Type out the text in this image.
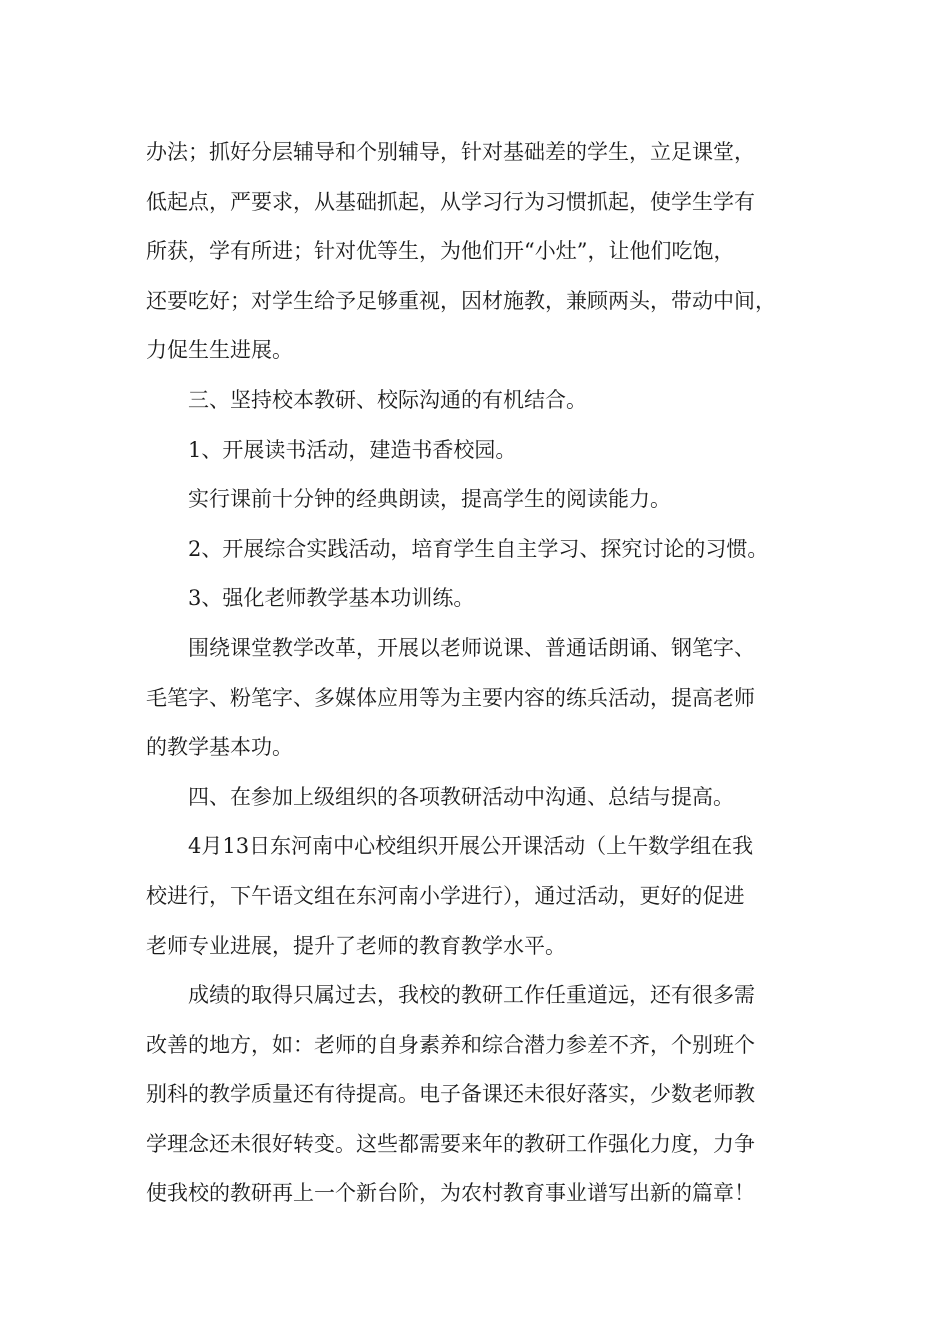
办法；抓好分层辅导和个别辅导，针对基础差的学生，立足课堂，

低起点，严要求，从基础抓起，从学习行为习惯抓起，使学生学有

所获，学有所进；针对优等生，为他们开“小灶”，让他们吃饱，

还要吃好；对学生给予足够重视，因材施教，兼顾两头，带动中间，

力促生生进展。

三、坚持校本教研、校际沟通的有机结合。

1、开展读书活动，建造书香校园。

实行课前十分钟的经典朗读，提高学生的阅读能力。

2、开展综合实践活动，培育学生自主学习、探究讨论的习惯。

3、强化老师教学基本功训练。

围绕课堂教学改革，开展以老师说课、普通话朗诵、钢笔字、

毛笔字、粉笔字、多媒体应用等为主要内容的练兵活动，提高老师

的教学基本功。

四、在参加上级组织的各项教研活动中沟通、总结与提高。

4月13日东河南中心校组织开展公开课活动（上午数学组在我

校进行，下午语文组在东河南小学进行），通过活动，更好的促进

老师专业进展，提升了老师的教育教学水平。

成绩的取得只属过去，我校的教研工作任重道远，还有很多需

改善的地方，如：老师的自身素养和综合潜力参差不齐，个别班个

别科的教学质量还有待提高。电子备课还未很好落实，少数老师教

学理念还未很好转变。这些都需要来年的教研工作强化力度，力争

使我校的教研再上一个新台阶，为农村教育事业谱写出新的篇章！
